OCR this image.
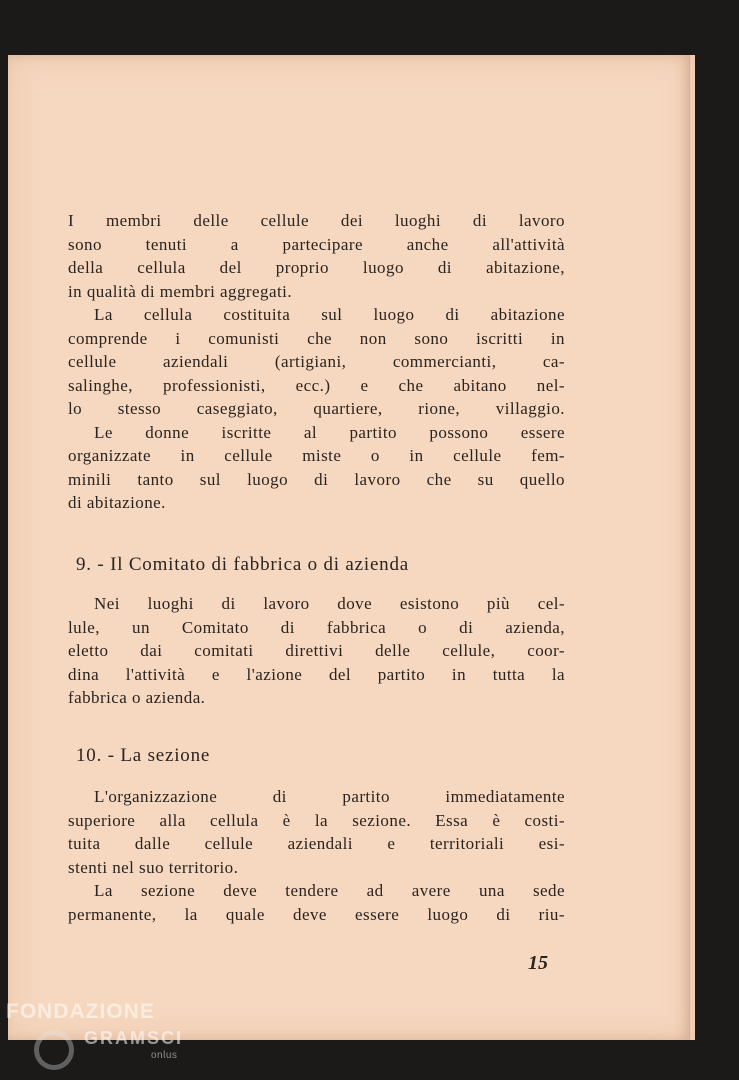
I membri delle cellule dei luoghi di lavoro
sono tenuti a partecipare anche all'attività
della cellula del proprio luogo di abitazione,
in qualità di membri aggregati.
La cellula costituita sul luogo di abitazione
comprende i comunisti che non sono iscritti in
cellule aziendali (artigiani, commercianti, ca-
salinghe, professionisti, ecc.) e che abitano nel-
lo stesso caseggiato, quartiere, rione, villaggio.
Le donne iscritte al partito possono essere
organizzate in cellule miste o in cellule fem-
minili tanto sul luogo di lavoro che su quello
di abitazione.
9. - Il Comitato di fabbrica o di azienda
Nei luoghi di lavoro dove esistono più cel-
lule, un Comitato di fabbrica o di azienda,
eletto dai comitati direttivi delle cellule, coor-
dina l'attività e l'azione del partito in tutta la
fabbrica o azienda.
10. - La sezione
L'organizzazione di partito immediatamente
superiore alla cellula è la sezione. Essa è costi-
tuita dalle cellule aziendali e territoriali esi-
stenti nel suo territorio.
La sezione deve tendere ad avere una sede
permanente, la quale deve essere luogo di riu-
15
FONDAZIONE
GRAMSCI
onlus
